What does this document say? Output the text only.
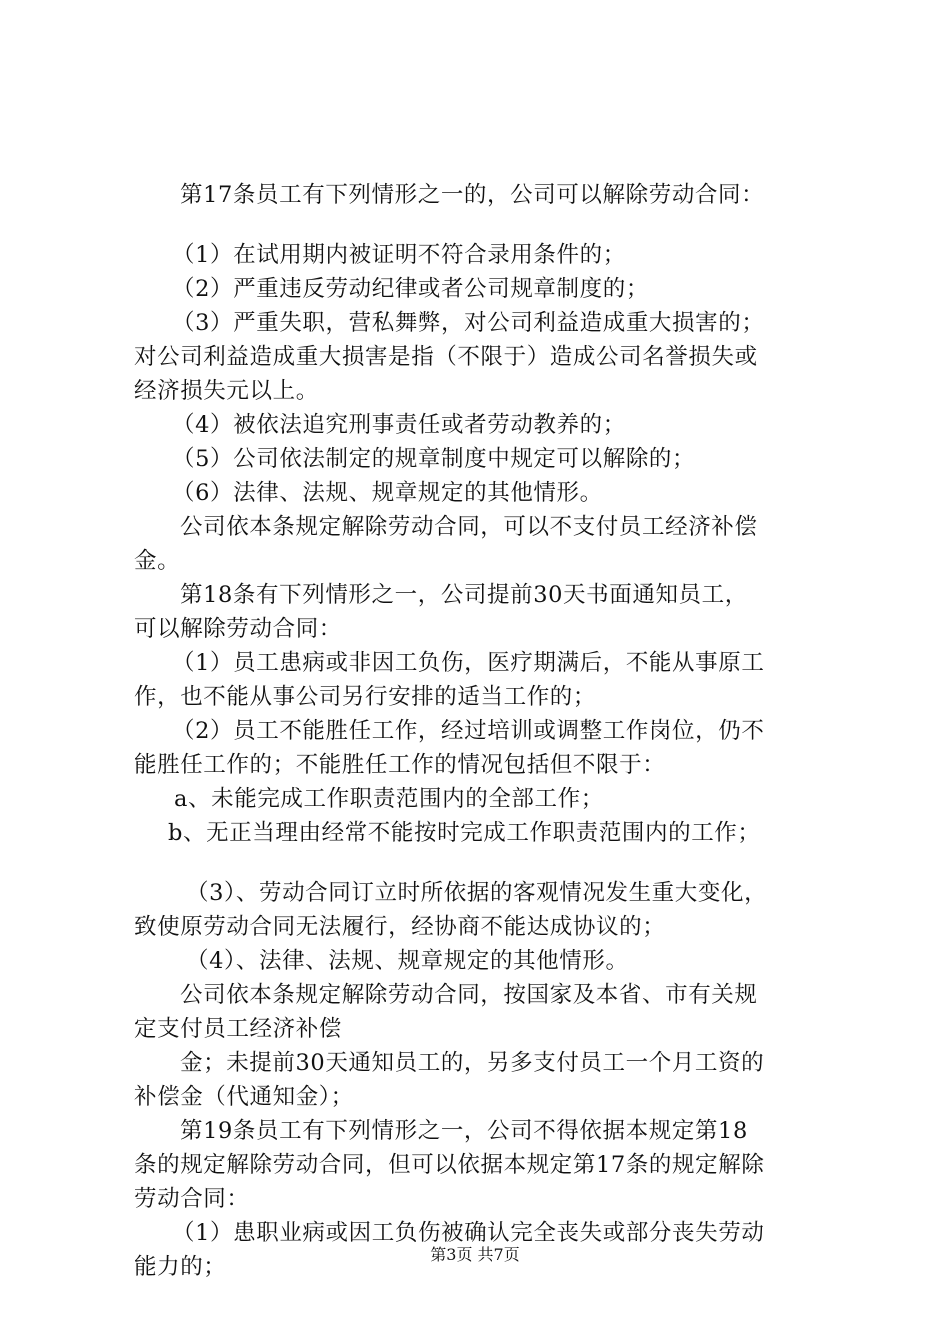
第17条员工有下列情形之一的，公司可以解除劳动合同：
（1）在试用期内被证明不符合录用条件的；
（2）严重违反劳动纪律或者公司规章制度的；
（3）严重失职，营私舞弊，对公司利益造成重大损害的；
对公司利益造成重大损害是指（不限于）造成公司名誉损失或
经济损失元以上。
（4）被依法追究刑事责任或者劳动教养的；
（5）公司依法制定的规章制度中规定可以解除的；
（6）法律、法规、规章规定的其他情形。
公司依本条规定解除劳动合同，可以不支付员工经济补偿
金。
第18条有下列情形之一，公司提前30天书面通知员工，
可以解除劳动合同：
（1）员工患病或非因工负伤，医疗期满后，不能从事原工
作，也不能从事公司另行安排的适当工作的；
（2）员工不能胜任工作，经过培训或调整工作岗位，仍不
能胜任工作的；不能胜任工作的情况包括但不限于：
a、未能完成工作职责范围内的全部工作；
b、无正当理由经常不能按时完成工作职责范围内的工作；
（3）、劳动合同订立时所依据的客观情况发生重大变化，
致使原劳动合同无法履行，经协商不能达成协议的；
（4）、法律、法规、规章规定的其他情形。
公司依本条规定解除劳动合同，按国家及本省、市有关规
定支付员工经济补偿
金；未提前30天通知员工的，另多支付员工一个月工资的
补偿金（代通知金）；
第19条员工有下列情形之一，公司不得依据本规定第18
条的规定解除劳动合同，但可以依据本规定第17条的规定解除
劳动合同：
（1）患职业病或因工负伤被确认完全丧失或部分丧失劳动
能力的；	第3页 共7页
